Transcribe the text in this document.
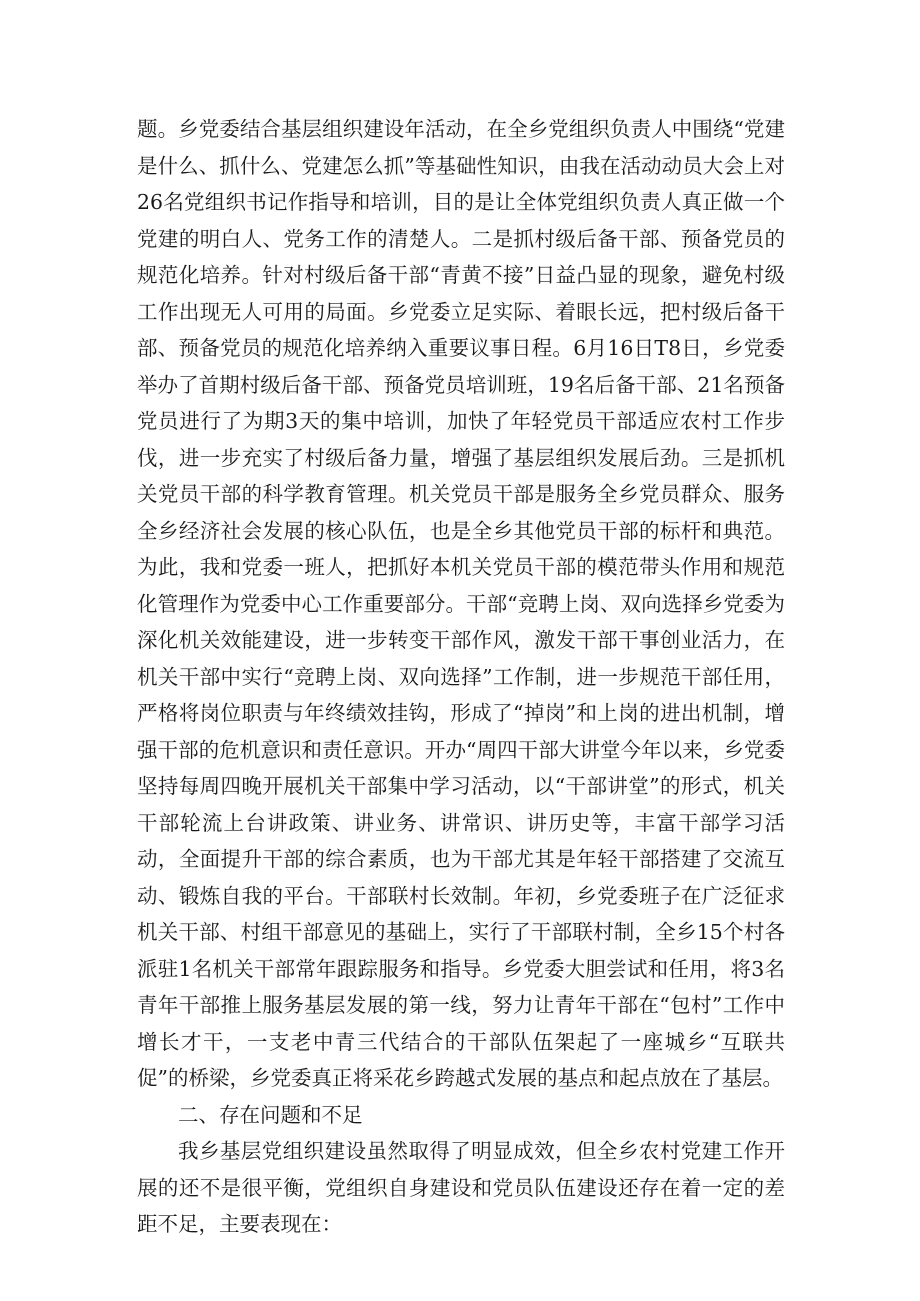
题。乡党委结合基层组织建设年活动，在全乡党组织负责人中围绕“党建是什么、抓什么、党建怎么抓”等基础性知识，由我在活动动员大会上对26名党组织书记作指导和培训，目的是让全体党组织负责人真正做一个党建的明白人、党务工作的清楚人。二是抓村级后备干部、预备党员的规范化培养。针对村级后备干部“青黄不接”日益凸显的现象，避免村级工作出现无人可用的局面。乡党委立足实际、着眼长远，把村级后备干部、预备党员的规范化培养纳入重要议事日程。6月16日T8日，乡党委举办了首期村级后备干部、预备党员培训班，19名后备干部、21名预备党员进行了为期3天的集中培训，加快了年轻党员干部适应农村工作步伐，进一步充实了村级后备力量，增强了基层组织发展后劲。三是抓机关党员干部的科学教育管理。机关党员干部是服务全乡党员群众、服务全乡经济社会发展的核心队伍，也是全乡其他党员干部的标杆和典范。为此，我和党委一班人，把抓好本机关党员干部的模范带头作用和规范化管理作为党委中心工作重要部分。干部“竞聘上岗、双向选择乡党委为深化机关效能建设，进一步转变干部作风，激发干部干事创业活力，在机关干部中实行“竞聘上岗、双向选择”工作制，进一步规范干部任用，严格将岗位职责与年终绩效挂钩，形成了“掉岗”和上岗的进出机制，增强干部的危机意识和责任意识。开办“周四干部大讲堂今年以来，乡党委坚持每周四晚开展机关干部集中学习活动，以“干部讲堂”的形式，机关干部轮流上台讲政策、讲业务、讲常识、讲历史等，丰富干部学习活动，全面提升干部的综合素质，也为干部尤其是年轻干部搭建了交流互动、锻炼自我的平台。干部联村长效制。年初，乡党委班子在广泛征求机关干部、村组干部意见的基础上，实行了干部联村制，全乡15个村各派驻1名机关干部常年跟踪服务和指导。乡党委大胆尝试和任用，将3名青年干部推上服务基层发展的第一线，努力让青年干部在“包村”工作中增长才干，一支老中青三代结合的干部队伍架起了一座城乡“互联共促”的桥梁，乡党委真正将采花乡跨越式发展的基点和起点放在了基层。

二、存在问题和不足

我乡基层党组织建设虽然取得了明显成效，但全乡农村党建工作开展的还不是很平衡，党组织自身建设和党员队伍建设还存在着一定的差距不足，主要表现在：
